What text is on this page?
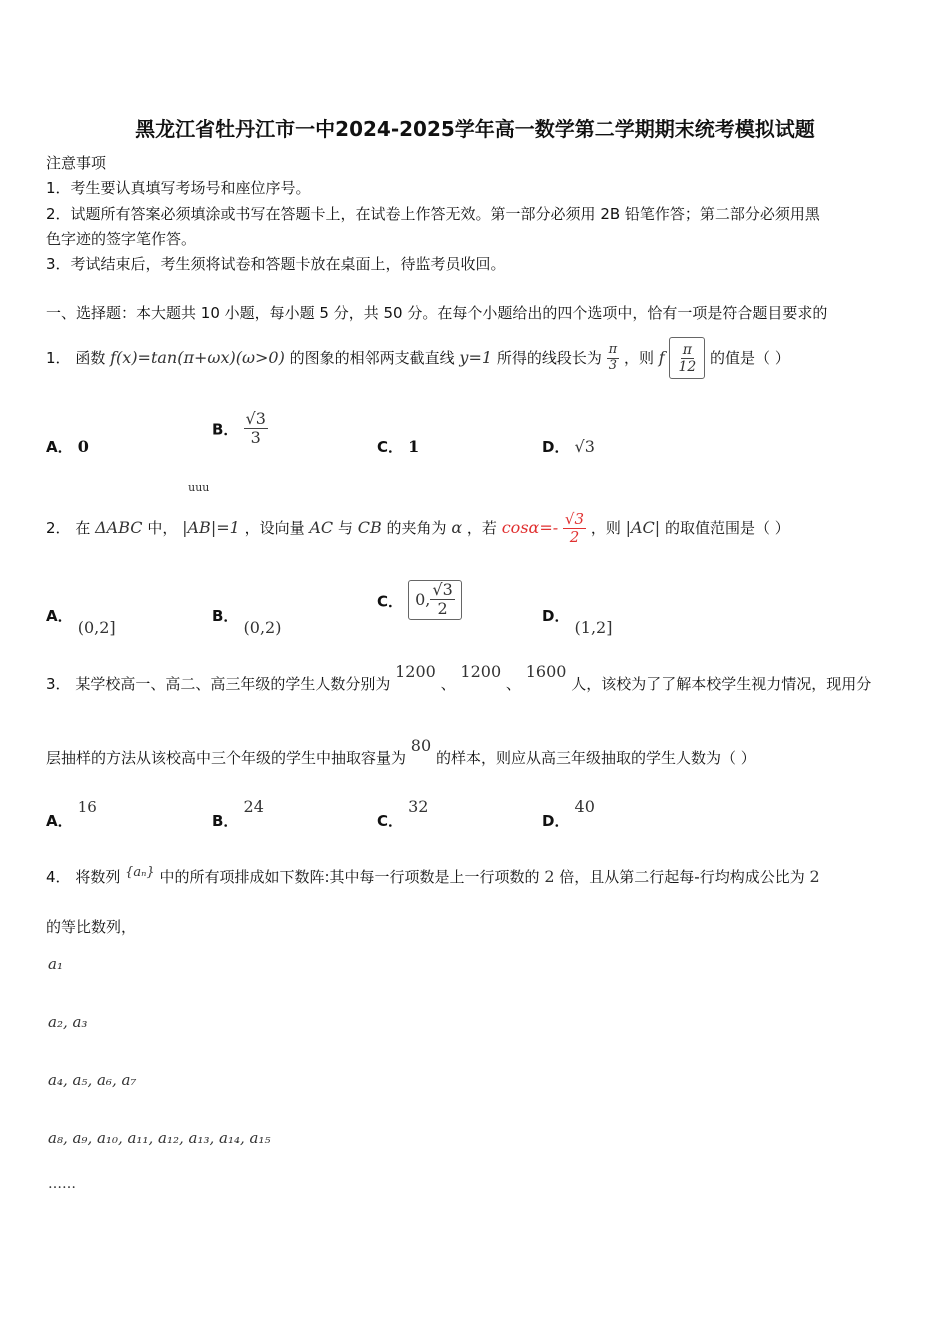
黑龙江省牡丹江市一中2024-2025学年高一数学第二学期期末统考模拟试题
注意事项
1．考生要认真填写考场号和座位序号。
2．试题所有答案必须填涂或书写在答题卡上，在试卷上作答无效。第一部分必须用 2B 铅笔作答；第二部分必须用黑
色字迹的签字笔作答。
3．考试结束后，考生须将试卷和答题卡放在桌面上，待监考员收回。
一、选择题：本大题共 10 小题，每小题 5 分，共 50 分。在每个小题给出的四个选项中，恰有一项是符合题目要求的
1． 函数 f(x)=tan(π+ωx)(ω>0) 的图象的相邻两支截直线 y=1 所得的线段长为 $\frac{\pi}{3}$ ，则 f $\frac{\pi}{12}$ 的值是（ ）
A． 0
B． $\frac{√3}{3}$	C． 1	D． √3
2． 在 ΔABC 中，
uuu
|AB|=1 ，设向量 AC 与 CB 的夹角为 α ，若 $\cos\alpha=- \frac{√3}{2}$ ，则 |AC| 的取值范围是（ ）
A． (0,2]
B． (0,2)
C． 0, $\frac{√3}{2}$	D． (1,2]
3． 某学校高一、高二、高三年级的学生人数分别为 1200 、 1200 、 1600 人，该校为了了解本校学生视力情况，现用分
层抽样的方法从该校高中三个年级的学生中抽取容量为 80 的样本，则应从高三年级抽取的学生人数为（ ）
A． 16
B． 24
C． 32
D． 40
4． 将数列 {aₙ} 中的所有项排成如下数阵:其中每一行项数是上一行项数的 2 倍，且从第二行起每-行均构成公比为 2
的等比数列，
a₁
a₂, a₃
a₄, a₅, a₆, a₇
a₈, a₉, a₁₀, a₁₁, a₁₂, a₁₃, a₁₄, a₁₅
……
